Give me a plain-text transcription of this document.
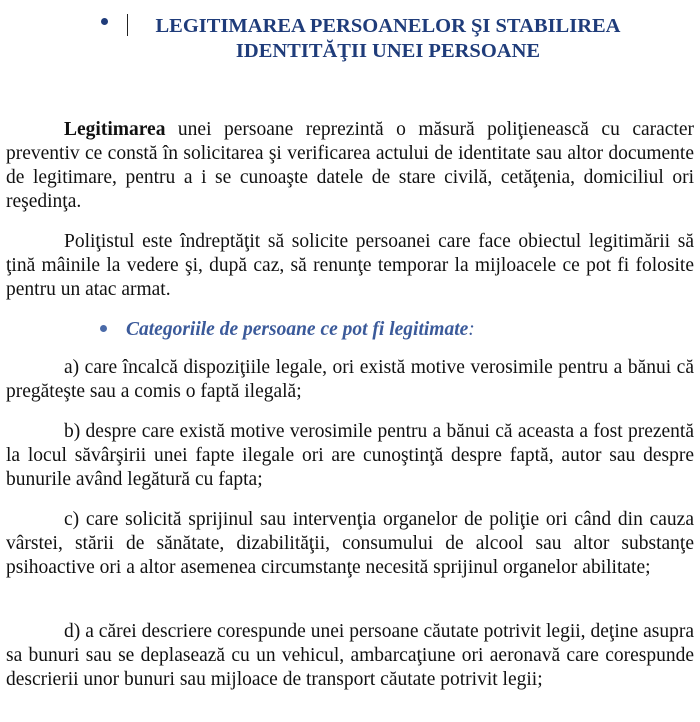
LEGITIMAREA PERSOANELOR ŞI STABILIREA
IDENTITĂŢII UNEI PERSOANE

Legitimarea unei persoane reprezintă o măsură poliţienească cu caracter preventiv ce constă în solicitarea şi verificarea actului de identitate sau altor documente de legitimare, pentru a i se cunoaşte datele de stare civilă, cetăţenia, domiciliul ori reşedinţa.

Poliţistul este îndreptăţit să solicite persoanei care face obiectul legitimării să ţină mâinile la vedere şi, după caz, să renunţe temporar la mijloacele ce pot fi folosite pentru un atac armat.

Categoriile de persoane ce pot fi legitimate:

a) care încalcă dispoziţiile legale, ori există motive verosimile pentru a bănui că pregăteşte sau a comis o faptă ilegală;

b) despre care există motive verosimile pentru a bănui că aceasta a fost prezentă la locul săvârşirii unei fapte ilegale ori are cunoştinţă despre faptă, autor sau despre bunurile având legătură cu fapta;

c) care solicită sprijinul sau intervenţia organelor de poliţie ori când din cauza vârstei, stării de sănătate, dizabilităţii, consumului de alcool sau altor substanţe psihoactive ori a altor asemenea circumstanţe necesită sprijinul organelor abilitate;

d) a cărei descriere corespunde unei persoane căutate potrivit legii, deţine asupra sa bunuri sau se deplasează cu un vehicul, ambarcaţiune ori aeronavă care corespunde descrierii unor bunuri sau mijloace de transport căutate potrivit legii;
